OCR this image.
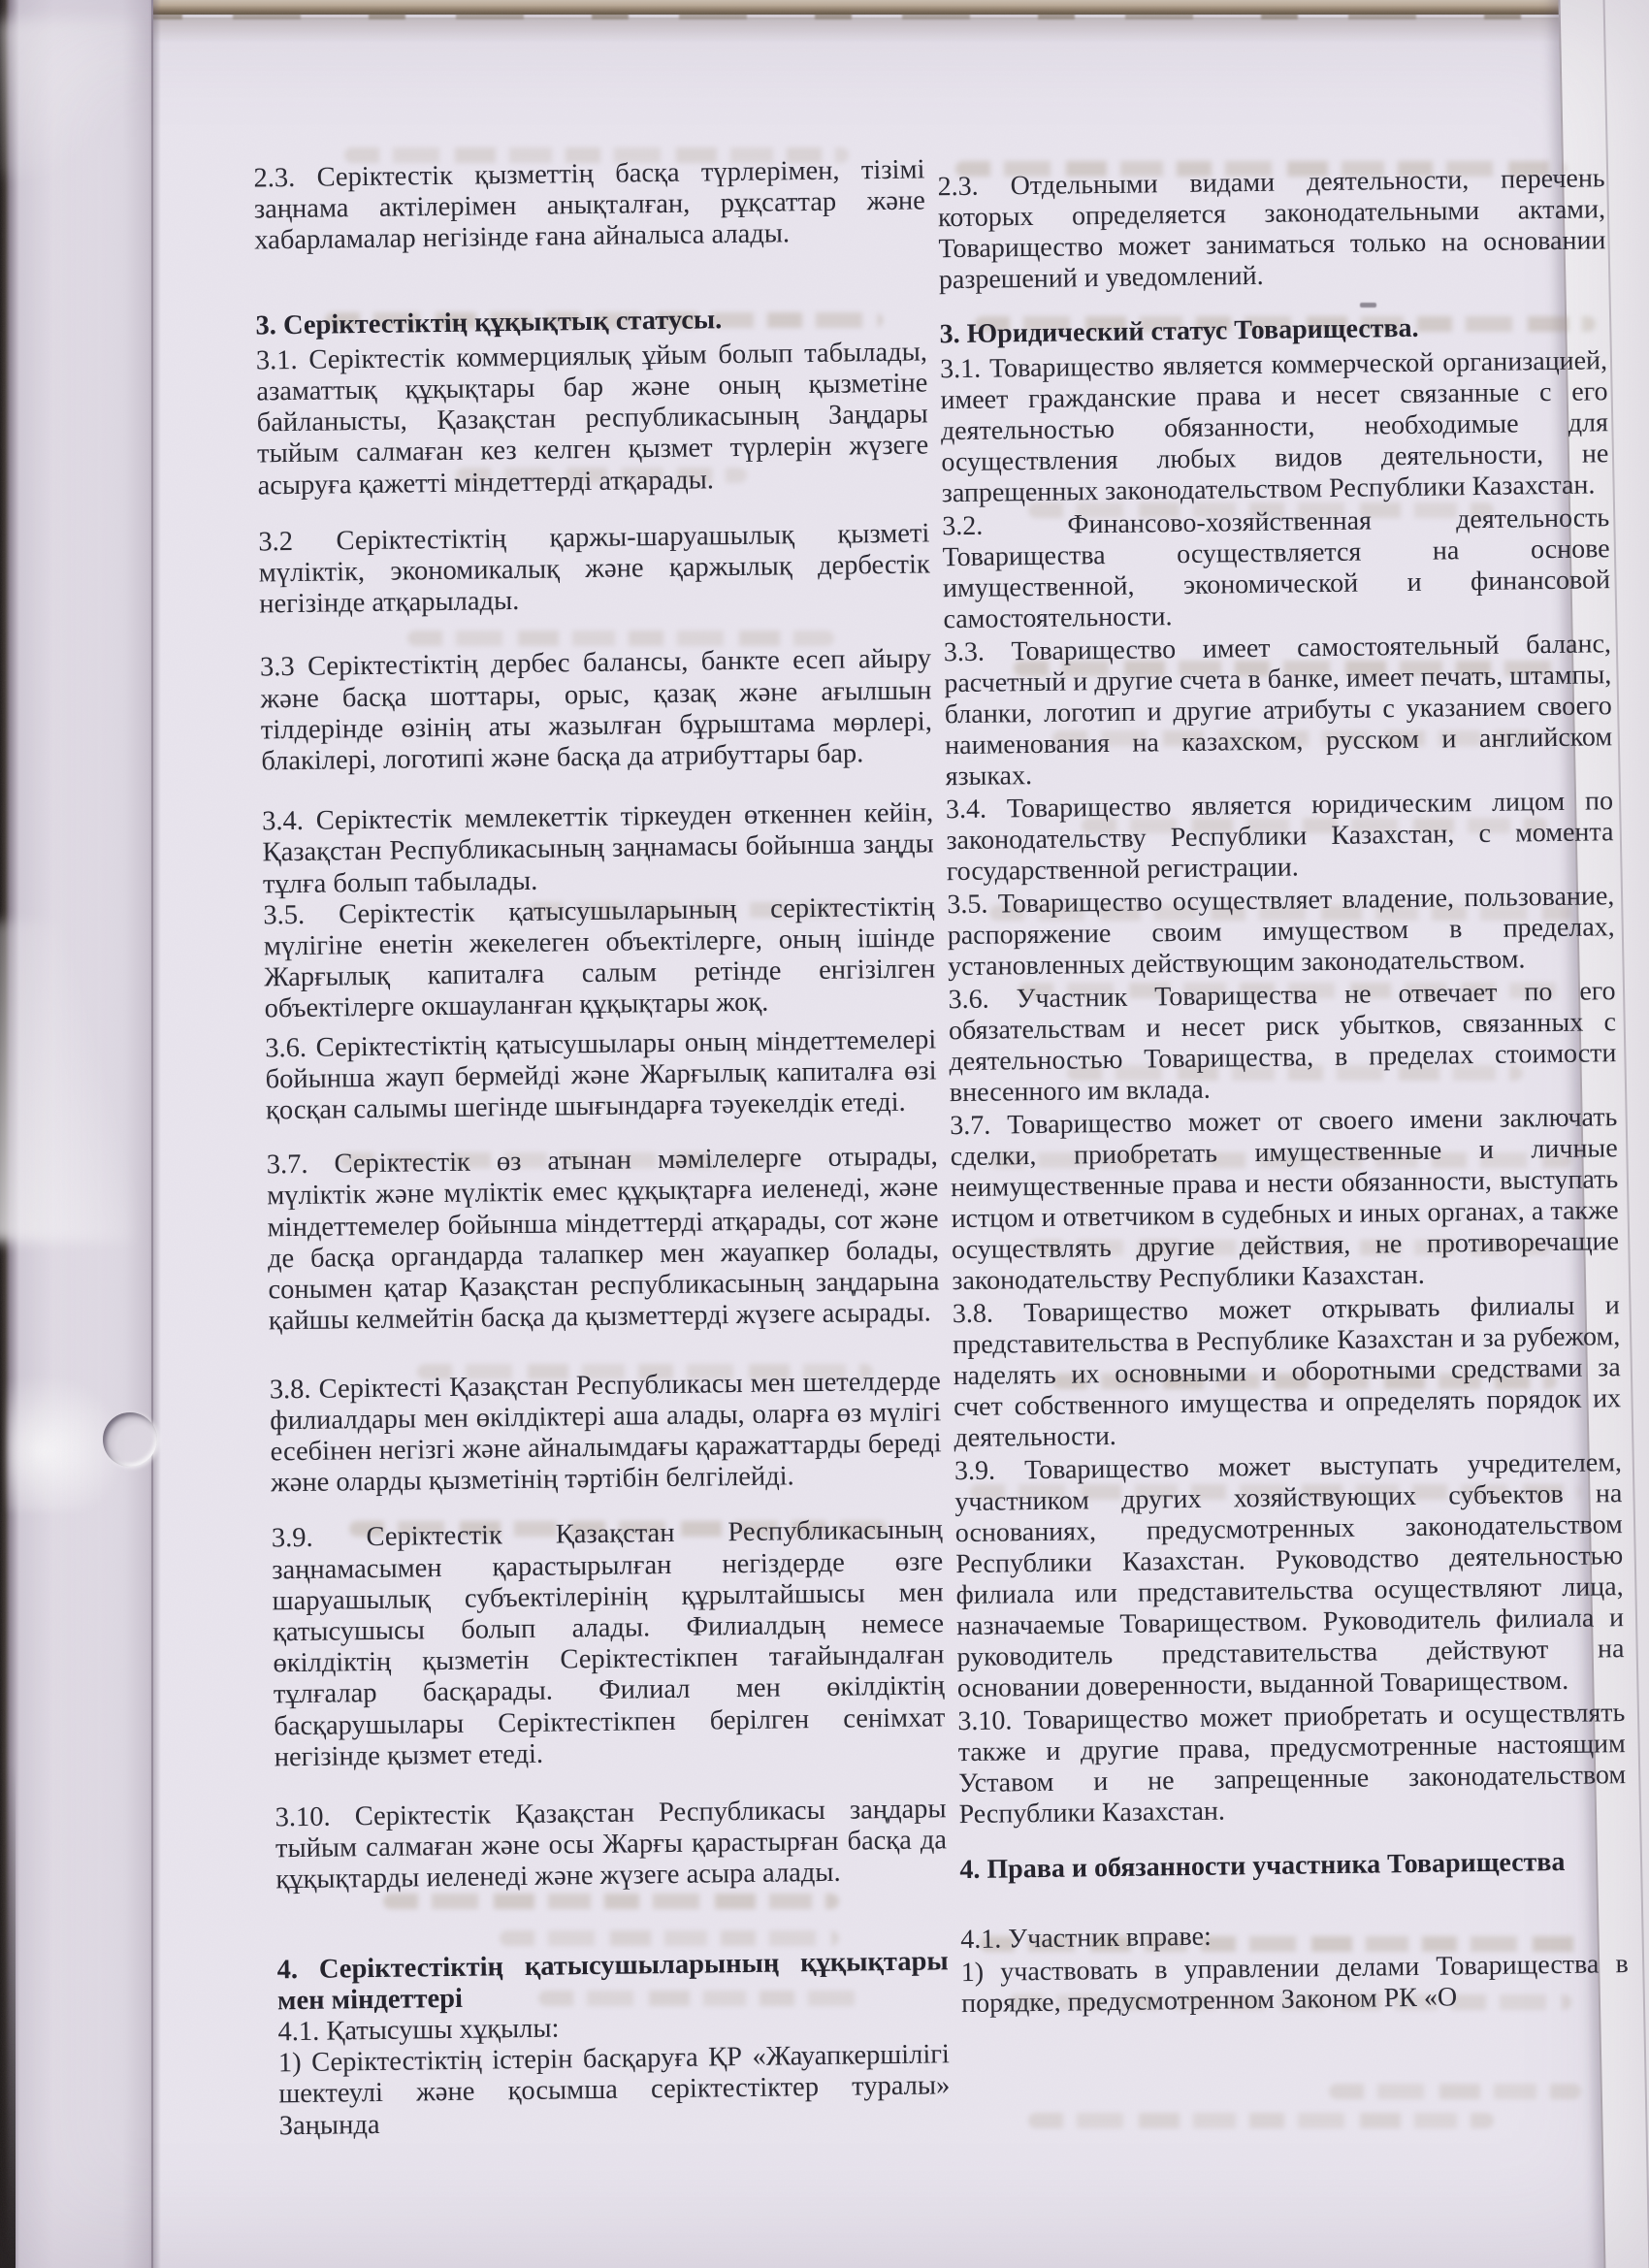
2.3. Серіктестік қызметтің басқа түрлерімен, тізімі заңнама актілерімен анықталған, рұқсаттар және хабарламалар негізінде ғана айналыса алады.

3. Серіктестіктің құқықтық статусы.

3.1. Серіктестік коммерциялық ұйым болып табылады, азаматтық құқықтары бар және оның қызметіне байланысты, Қазақстан республикасының Заңдары тыйым салмаған кез келген қызмет түрлерін жүзеге асыруға қажетті міндеттерді атқарады.

3.2 Серіктестіктің қаржы-шаруашылық қызметі мүліктік, экономикалық және қаржылық дербестік негізінде атқарылады.

3.3 Серіктестіктің дербес балансы, банкте есеп айыру және басқа шоттары, орыс, қазақ және ағылшын тілдерінде өзінің аты жазылған бұрыштама мөрлері, блакілері, логотипі және басқа да атрибуттары бар.

3.4. Серіктестік мемлекеттік тіркеуден өткеннен кейін, Қазақстан Республикасының заңнамасы бойынша заңды тұлға болып табылады.

3.5. Серіктестік қатысушыларының серіктестіктің мүлігіне енетін жекелеген объектілерге, оның ішінде Жарғылық капиталға салым ретінде енгізілген объектілерге окшауланған құқықтары жоқ.

3.6. Серіктестіктің қатысушылары оның міндеттемелері бойынша жауп бермейді және Жарғылық капиталға өзі қосқан салымы шегінде шығындарға тәуекелдік етеді.

3.7. Серіктестік өз атынан мәмілелерге отырады, мүліктік және мүліктік емес құқықтарға иеленеді, және міндеттемелер бойынша міндеттерді атқарады, сот және де басқа органдарда талапкер мен жауапкер болады, сонымен қатар Қазақстан республикасының заңдарына қайшы келмейтін басқа да қызметтерді жүзеге асырады.

3.8. Серіктесті Қазақстан Республикасы мен шетелдерде филиалдары мен өкілдіктері аша алады, оларға өз мүлігі есебінен негізгі және айналымдағы қаражаттарды береді және оларды қызметінің тәртібін белгілейді.

3.9. Серіктестік Қазақстан Республикасының заңнамасымен қарастырылған негіздерде өзге шаруашылық субъектілерінің құрылтайшысы мен қатысушысы болып алады. Филиалдың немесе өкілдіктің қызметін Серіктестікпен тағайындалған тұлғалар басқарады. Филиал мен өкілдіктің басқарушылары Серіктестікпен берілген сенімхат негізінде қызмет етеді.

3.10. Серіктестік Қазақстан Республикасы заңдары тыйым салмаған және осы Жарғы қарастырған басқа да құқықтарды иеленеді және жүзеге асыра алады.

4. Серіктестіктің қатысушыларының құқықтары мен міндеттері

4.1. Қатысушы хұқылы:

1) Серіктестіктің істерін басқаруға ҚР «Жауапкершілігі шектеулі және қосымша серіктестіктер туралы» Заңында

2.3. Отдельными видами деятельности, перечень которых определяется законодательными актами, Товарищество может заниматься только на основании разрешений и уведомлений.

3. Юридический статус Товарищества.

3.1. Товарищество является коммерческой организацией, имеет гражданские права и несет связанные с его деятельностью обязанности, необходимые для осуществления любых видов деятельности, не запрещенных законодательством Республики Казахстан.

3.2. Финансово-хозяйственная деятельность Товарищества осуществляется на основе имущественной, экономической и финансовой самостоятельности.

3.3. Товарищество имеет самостоятельный баланс, расчетный и другие счета в банке, имеет печать, штампы, бланки, логотип и другие атрибуты с указанием своего наименования на казахском, русском и английском языках.

3.4. Товарищество является юридическим лицом по законодательству Республики Казахстан, с момента государственной регистрации.

3.5. Товарищество осуществляет владение, пользование, распоряжение своим имуществом в пределах, установленных действующим законодательством.

3.6. Участник Товарищества не отвечает по его обязательствам и несет риск убытков, связанных с деятельностью Товарищества, в пределах стоимости внесенного им вклада.

3.7. Товарищество может от своего имени заключать сделки, приобретать имущественные и личные неимущественные права и нести обязанности, выступать истцом и ответчиком в судебных и иных органах, а также осуществлять другие действия, не противоречащие законодательству Республики Казахстан.

3.8. Товарищество может открывать филиалы и представительства в Республике Казахстан и за рубежом, наделять их основными и оборотными средствами за счет собственного имущества и определять порядок их деятельности.

3.9. Товарищество может выступать учредителем, участником других хозяйствующих субъектов на основаниях, предусмотренных законодательством Республики Казахстан. Руководство деятельностью филиала или представительства осуществляют лица, назначаемые Товариществом. Руководитель филиала и руководитель представительства действуют на основании доверенности, выданной Товариществом.

3.10. Товарищество может приобретать и осуществлять также и другие права, предусмотренные настоящим Уставом и не запрещенные законодательством Республики Казахстан.

4. Права и обязанности участника Товарищества

4.1. Участник вправе:

1) участвовать в управлении делами Товарищества в порядке, предусмотренном Законом РК «О
